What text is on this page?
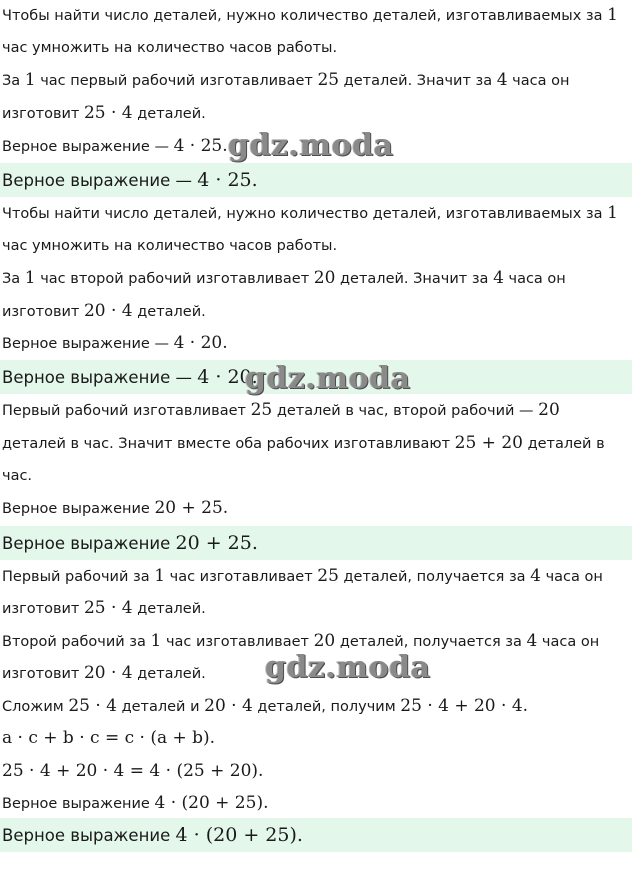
Чтобы найти число деталей, нужно количество деталей, изготавливаемых за 1
час умножить на количество часов работы.
За 1 час первый рабочий изготавливает 25 деталей. Значит за 4 часа он
изготовит 25 · 4 деталей.
Верное выражение — 4 · 25.
Верное выражение — 4 · 25.
Чтобы найти число деталей, нужно количество деталей, изготавливаемых за 1
час умножить на количество часов работы.
За 1 час второй рабочий изготавливает 20 деталей. Значит за 4 часа он
изготовит 20 · 4 деталей.
Верное выражение — 4 · 20.
Верное выражение — 4 · 20.
Первый рабочий изготавливает 25 деталей в час, второй рабочий — 20
деталей в час. Значит вместе оба рабочих изготавливают 25 + 20 деталей в
час.
Верное выражение 20 + 25.
Верное выражение 20 + 25.
Первый рабочий за 1 час изготавливает 25 деталей, получается за 4 часа он
изготовит 25 · 4 деталей.
Второй рабочий за 1 час изготавливает 20 деталей, получается за 4 часа он
изготовит 20 · 4 деталей.
Сложим 25 · 4 деталей и 20 · 4 деталей, получим 25 · 4 + 20 · 4.
a · c + b · c = c · (a + b).
25 · 4 + 20 · 4 = 4 · (25 + 20).
Верное выражение 4 · (20 + 25).
Верное выражение 4 · (20 + 25).
gdz.moda
gdz.moda
gdz.moda
